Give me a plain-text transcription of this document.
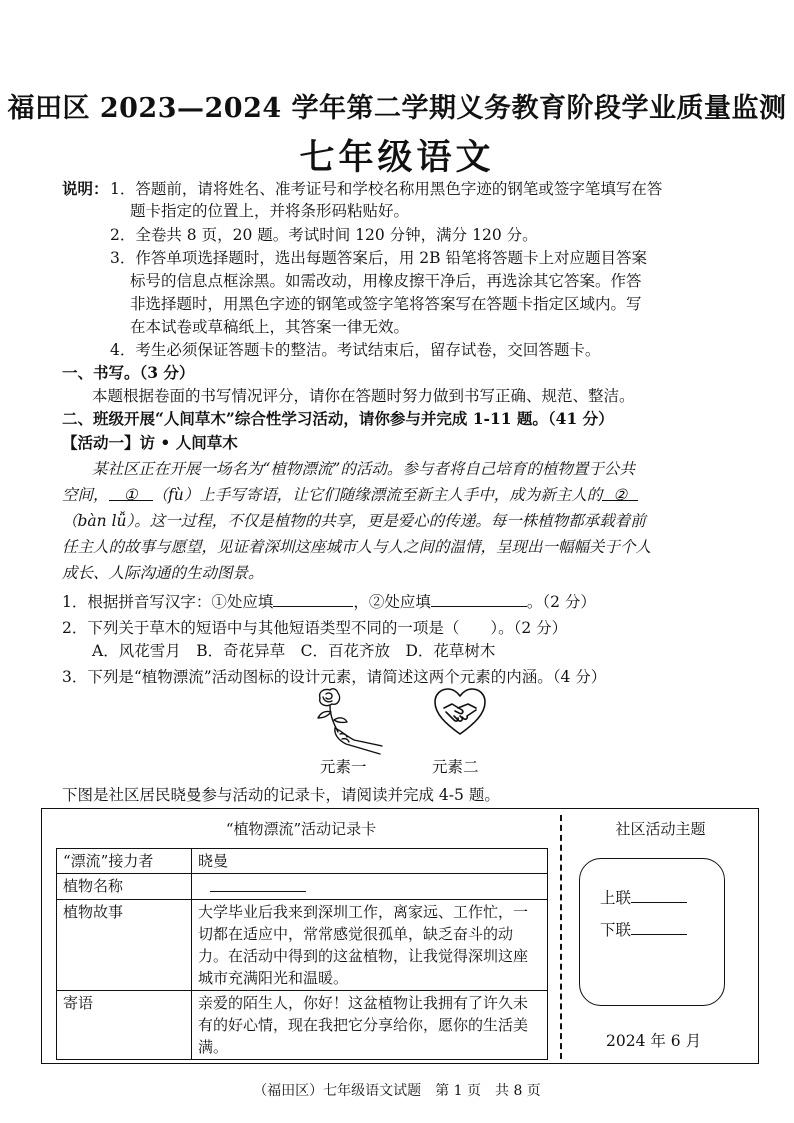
福田区 2023—2024 学年第二学期义务教育阶段学业质量监测
七年级语文
说明： 1．答题前，请将姓名、准考证号和学校名称用黑色字迹的钢笔或签字笔填写在答
题卡指定的位置上，并将条形码粘贴好。
2．全卷共 8 页，20 题。考试时间 120 分钟，满分 120 分。
3．作答单项选择题时，选出每题答案后，用 2B 铅笔将答题卡上对应题目答案
标号的信息点框涂黑。如需改动，用橡皮擦干净后，再选涂其它答案。作答
非选择题时，用黑色字迹的钢笔或签字笔将答案写在答题卡指定区域内。写
在本试卷或草稿纸上，其答案一律无效。
4．考生必须保证答题卡的整洁。考试结束后，留存试卷，交回答题卡。
一、书写。（3 分）
本题根据卷面的书写情况评分，请你在答题时努力做到书写正确、规范、整洁。
二、班级开展“人间草木”综合性学习活动，请你参与并完成 1-11 题。（41 分）
【活动一】访 • 人间草木
某社区正在开展一场名为“植物漂流”的活动。参与者将自己培育的植物置于公共
空间， ① （fù）上手写寄语，让它们随缘漂流至新主人手中，成为新主人的 ②
（bàn lǚ）。这一过程，不仅是植物的共享，更是爱心的传递。每一株植物都承载着前
任主人的故事与愿望，见证着深圳这座城市人与人之间的温情，呈现出一幅幅关于个人
成长、人际沟通的生动图景。
1．根据拼音写汉字：①处应填	，②处应填	。（2 分）
2．下列关于草木的短语中与其他短语类型不同的一项是（　　）。（2 分）
A．风花雪月　B．奇花异草　C．百花齐放　D．花草树木
3．下列是“植物漂流”活动图标的设计元素，请简述这两个元素的内涵。（4 分）
元素一	元素二
下图是社区居民晓曼参与活动的记录卡，请阅读并完成 4-5 题。
“植物漂流”活动记录卡
“漂流”接力者	晓曼
植物名称	
植物故事	大学毕业后我来到深圳工作，离家远、工作忙，一切都在适应中，常常感觉很孤单，缺乏奋斗的动力。在活动中得到的这盆植物，让我觉得深圳这座城市充满阳光和温暖。
寄语	亲爱的陌生人，你好！这盆植物让我拥有了许久未有的好心情，现在我把它分享给你，愿你的生活美满。
社区活动主题
上联
下联
2024 年 6 月
（福田区）七年级语文试题　第 1 页　共 8 页
